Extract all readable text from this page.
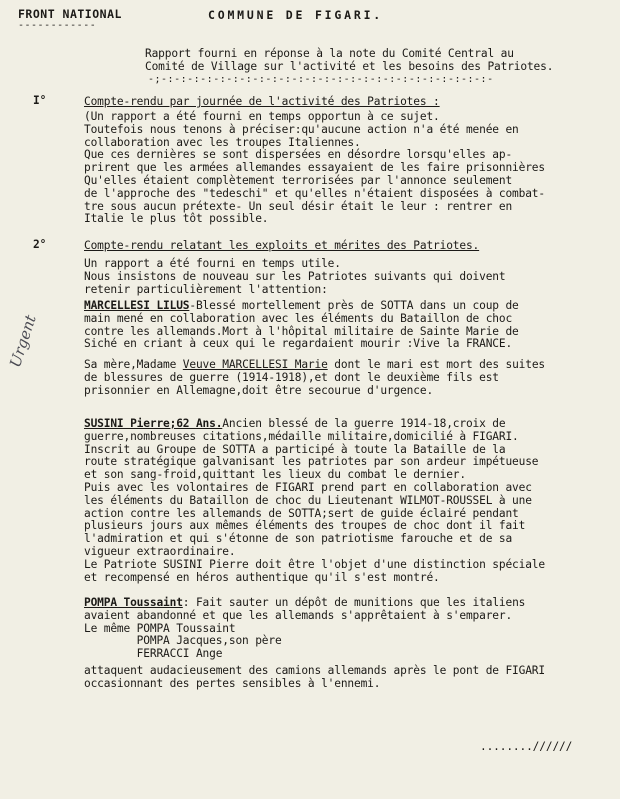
FRONT NATIONAL
------------
COMMUNE DE FIGARI.
Rapport fourni en réponse à la note du Comité Central au
Comité de Village sur l'activité et les besoins des Patriotes.
-;-:-:-:-:-:-:-:-:-:-:-:-:-:-:-:-:-:-:-:-:-:-:-:-:-:-
I°	Compte-rendu par journée de l'activité des Patriotes :
(Un rapport a été fourni en temps opportun à ce sujet.
Toutefois nous tenons à préciser:qu'aucune action n'a été menée en
collaboration avec les troupes Italiennes.
Que ces dernières se sont dispersées en désordre lorsqu'elles ap-
prirent que les armées allemandes essayaient de les faire prisonnières
Qu'elles étaient complètement terrorisées par l'annonce seulement
de l'approche des "tedeschi" et qu'elles n'étaient disposées à combat-
tre sous aucun prétexte- Un seul désir était le leur : rentrer en
Italie le plus tôt possible.
2°	Compte-rendu relatant les exploits et mérites des Patriotes.
Un rapport a été fourni en temps utile.
Nous insistons de nouveau sur les Patriotes suivants qui doivent
retenir particulièrement l'attention:
MARCELLESI LILUS-Blessé mortellement près de SOTTA dans un coup de
main mené en collaboration avec les éléments du Bataillon de choc
contre les allemands.Mort à l'hôpital militaire de Sainte Marie de
Siché en criant à ceux qui le regardaient mourir :Vive la FRANCE.
Sa mère,Madame Veuve MARCELLESI Marie dont le mari est mort des suites
de blessures de guerre (1914-1918),et dont le deuxième fils est
prisonnier en Allemagne,doit être secourue d'urgence.
Urgent
SUSINI Pierre;62 Ans.Ancien blessé de la guerre 1914-18,croix de
guerre,nombreuses citations,médaille militaire,domicilié à FIGARI.
Inscrit au Groupe de SOTTA a participé à toute la Bataille de la
route stratégique galvanisant les patriotes par son ardeur impétueuse
et son sang-froid,quittant les lieux du combat le dernier.
Puis avec les volontaires de FIGARI prend part en collaboration avec
les éléments du Bataillon de choc du Lieutenant WILMOT-ROUSSEL à une
action contre les allemands de SOTTA;sert de guide éclairé pendant
plusieurs jours aux mêmes éléments des troupes de choc dont il fait
l'admiration et qui s'étonne de son patriotisme farouche et de sa
vigueur extraordinaire.
Le Patriote SUSINI Pierre doit être l'objet d'une distinction spéciale
et recompensé en héros authentique qu'il s'est montré.
POMPA Toussaint: Fait sauter un dépôt de munitions que les italiens
avaient abandonné et que les allemands s'apprêtaient à s'emparer.
Le même POMPA Toussaint
POMPA Jacques,son père
FERRACCI Ange
attaquent audacieusement des camions allemands après le pont de FIGARI
occasionnant des pertes sensibles à l'ennemi.
........//////
